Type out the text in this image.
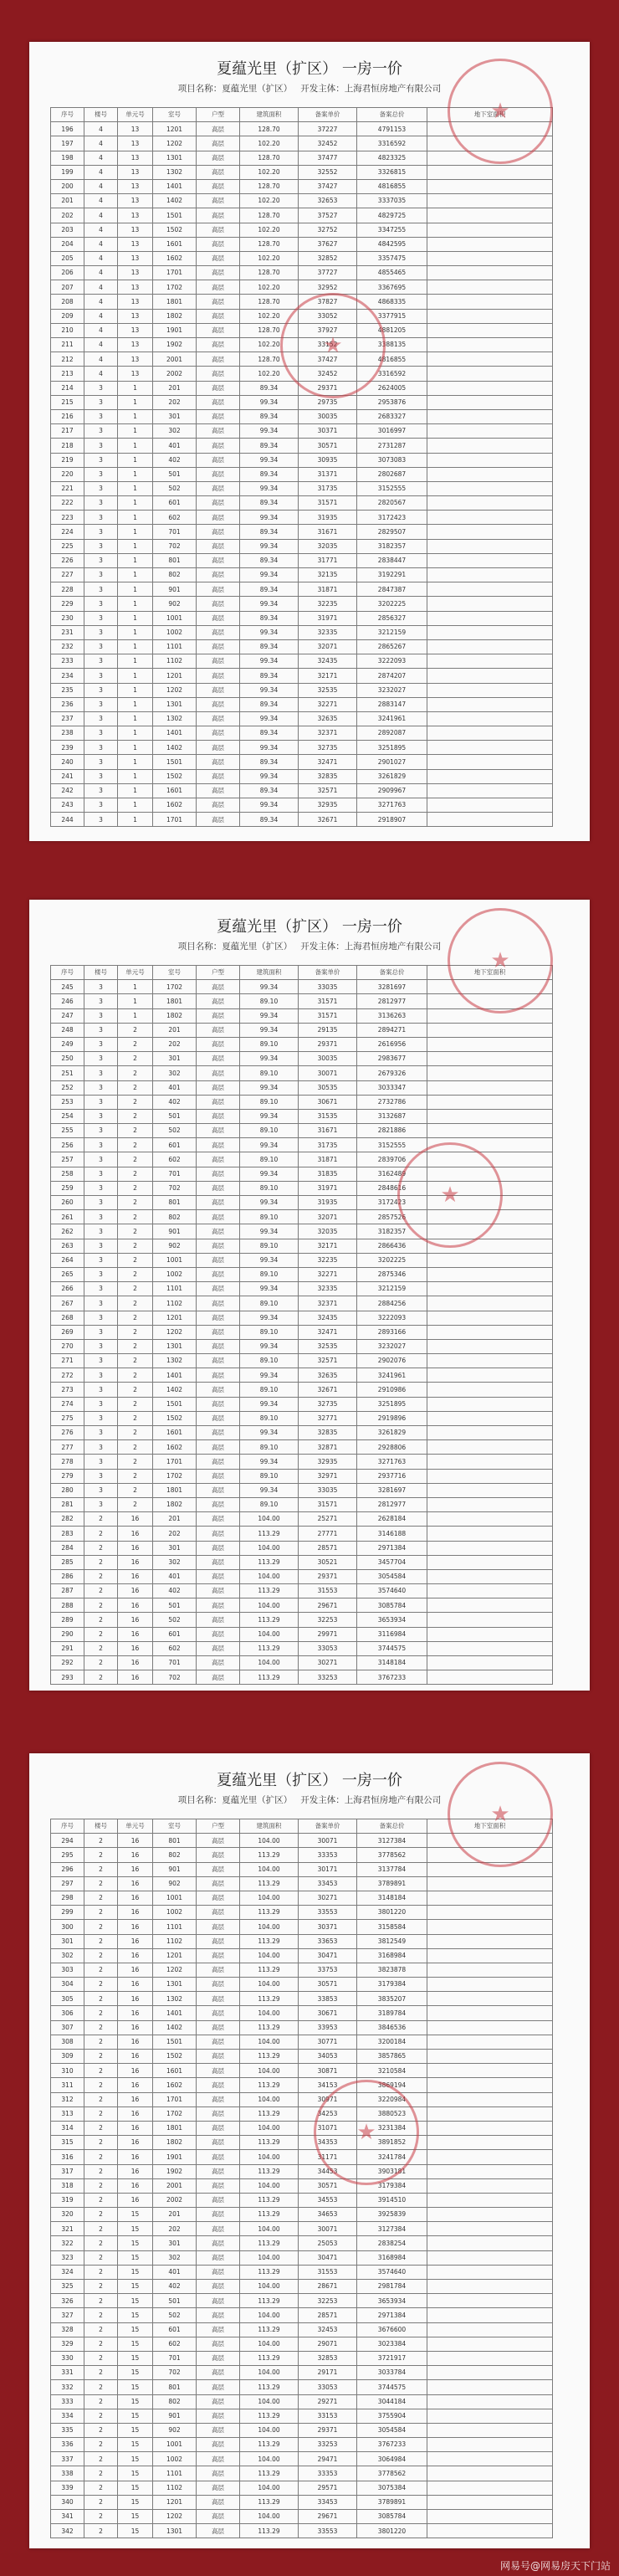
夏蕴光里（扩区） 一房一价
项目名称：夏蕴光里（扩区）   开发主体：上海君恒房地产有限公司
序号	楼号	单元号	室号	户型	建筑面积	备案单价	备案总价	地下室面积
196	4	13	1201	高层	128.70	37227	4791153	
197	4	13	1202	高层	102.20	32452	3316592	
198	4	13	1301	高层	128.70	37477	4823325	
199	4	13	1302	高层	102.20	32552	3326815	
200	4	13	1401	高层	128.70	37427	4816855	
201	4	13	1402	高层	102.20	32653	3337035	
202	4	13	1501	高层	128.70	37527	4829725	
203	4	13	1502	高层	102.20	32752	3347255	
204	4	13	1601	高层	128.70	37627	4842595	
205	4	13	1602	高层	102.20	32852	3357475	
206	4	13	1701	高层	128.70	37727	4855465	
207	4	13	1702	高层	102.20	32952	3367695	
208	4	13	1801	高层	128.70	37827	4868335	
209	4	13	1802	高层	102.20	33052	3377915	
210	4	13	1901	高层	128.70	37927	4881205	
211	4	13	1902	高层	102.20	33152	3388135	
212	4	13	2001	高层	128.70	37427	4816855	
213	4	13	2002	高层	102.20	32452	3316592	
214	3	1	201	高层	89.34	29371	2624005	
215	3	1	202	高层	99.34	29735	2953876	
216	3	1	301	高层	89.34	30035	2683327	
217	3	1	302	高层	99.34	30371	3016997	
218	3	1	401	高层	89.34	30571	2731287	
219	3	1	402	高层	99.34	30935	3073083	
220	3	1	501	高层	89.34	31371	2802687	
221	3	1	502	高层	99.34	31735	3152555	
222	3	1	601	高层	89.34	31571	2820567	
223	3	1	602	高层	99.34	31935	3172423	
224	3	1	701	高层	89.34	31671	2829507	
225	3	1	702	高层	99.34	32035	3182357	
226	3	1	801	高层	89.34	31771	2838447	
227	3	1	802	高层	99.34	32135	3192291	
228	3	1	901	高层	89.34	31871	2847387	
229	3	1	902	高层	99.34	32235	3202225	
230	3	1	1001	高层	89.34	31971	2856327	
231	3	1	1002	高层	99.34	32335	3212159	
232	3	1	1101	高层	89.34	32071	2865267	
233	3	1	1102	高层	99.34	32435	3222093	
234	3	1	1201	高层	89.34	32171	2874207	
235	3	1	1202	高层	99.34	32535	3232027	
236	3	1	1301	高层	89.34	32271	2883147	
237	3	1	1302	高层	99.34	32635	3241961	
238	3	1	1401	高层	89.34	32371	2892087	
239	3	1	1402	高层	99.34	32735	3251895	
240	3	1	1501	高层	89.34	32471	2901027	
241	3	1	1502	高层	99.34	32835	3261829	
242	3	1	1601	高层	89.34	32571	2909967	
243	3	1	1602	高层	99.34	32935	3271763	
244	3	1	1701	高层	89.34	32671	2918907	
★
★
夏蕴光里（扩区） 一房一价
项目名称：夏蕴光里（扩区）   开发主体：上海君恒房地产有限公司
序号	楼号	单元号	室号	户型	建筑面积	备案单价	备案总价	地下室面积
245	3	1	1702	高层	99.34	33035	3281697	
246	3	1	1801	高层	89.10	31571	2812977	
247	3	1	1802	高层	99.34	31571	3136263	
248	3	2	201	高层	99.34	29135	2894271	
249	3	2	202	高层	89.10	29371	2616956	
250	3	2	301	高层	99.34	30035	2983677	
251	3	2	302	高层	89.10	30071	2679326	
252	3	2	401	高层	99.34	30535	3033347	
253	3	2	402	高层	89.10	30671	2732786	
254	3	2	501	高层	99.34	31535	3132687	
255	3	2	502	高层	89.10	31671	2821886	
256	3	2	601	高层	99.34	31735	3152555	
257	3	2	602	高层	89.10	31871	2839706	
258	3	2	701	高层	99.34	31835	3162489	
259	3	2	702	高层	89.10	31971	2848616	
260	3	2	801	高层	99.34	31935	3172423	
261	3	2	802	高层	89.10	32071	2857526	
262	3	2	901	高层	99.34	32035	3182357	
263	3	2	902	高层	89.10	32171	2866436	
264	3	2	1001	高层	99.34	32235	3202225	
265	3	2	1002	高层	89.10	32271	2875346	
266	3	2	1101	高层	99.34	32335	3212159	
267	3	2	1102	高层	89.10	32371	2884256	
268	3	2	1201	高层	99.34	32435	3222093	
269	3	2	1202	高层	89.10	32471	2893166	
270	3	2	1301	高层	99.34	32535	3232027	
271	3	2	1302	高层	89.10	32571	2902076	
272	3	2	1401	高层	99.34	32635	3241961	
273	3	2	1402	高层	89.10	32671	2910986	
274	3	2	1501	高层	99.34	32735	3251895	
275	3	2	1502	高层	89.10	32771	2919896	
276	3	2	1601	高层	99.34	32835	3261829	
277	3	2	1602	高层	89.10	32871	2928806	
278	3	2	1701	高层	99.34	32935	3271763	
279	3	2	1702	高层	89.10	32971	2937716	
280	3	2	1801	高层	99.34	33035	3281697	
281	3	2	1802	高层	89.10	31571	2812977	
282	2	16	201	高层	104.00	25271	2628184	
283	2	16	202	高层	113.29	27771	3146188	
284	2	16	301	高层	104.00	28571	2971384	
285	2	16	302	高层	113.29	30521	3457704	
286	2	16	401	高层	104.00	29371	3054584	
287	2	16	402	高层	113.29	31553	3574640	
288	2	16	501	高层	104.00	29671	3085784	
289	2	16	502	高层	113.29	32253	3653934	
290	2	16	601	高层	104.00	29971	3116984	
291	2	16	602	高层	113.29	33053	3744575	
292	2	16	701	高层	104.00	30271	3148184	
293	2	16	702	高层	113.29	33253	3767233	
★
★
夏蕴光里（扩区） 一房一价
项目名称：夏蕴光里（扩区）   开发主体：上海君恒房地产有限公司
序号	楼号	单元号	室号	户型	建筑面积	备案单价	备案总价	地下室面积
294	2	16	801	高层	104.00	30071	3127384	
295	2	16	802	高层	113.29	33353	3778562	
296	2	16	901	高层	104.00	30171	3137784	
297	2	16	902	高层	113.29	33453	3789891	
298	2	16	1001	高层	104.00	30271	3148184	
299	2	16	1002	高层	113.29	33553	3801220	
300	2	16	1101	高层	104.00	30371	3158584	
301	2	16	1102	高层	113.29	33653	3812549	
302	2	16	1201	高层	104.00	30471	3168984	
303	2	16	1202	高层	113.29	33753	3823878	
304	2	16	1301	高层	104.00	30571	3179384	
305	2	16	1302	高层	113.29	33853	3835207	
306	2	16	1401	高层	104.00	30671	3189784	
307	2	16	1402	高层	113.29	33953	3846536	
308	2	16	1501	高层	104.00	30771	3200184	
309	2	16	1502	高层	113.29	34053	3857865	
310	2	16	1601	高层	104.00	30871	3210584	
311	2	16	1602	高层	113.29	34153	3869194	
312	2	16	1701	高层	104.00	30971	3220984	
313	2	16	1702	高层	113.29	34253	3880523	
314	2	16	1801	高层	104.00	31071	3231384	
315	2	16	1802	高层	113.29	34353	3891852	
316	2	16	1901	高层	104.00	31171	3241784	
317	2	16	1902	高层	113.29	34453	3903181	
318	2	16	2001	高层	104.00	30571	3179384	
319	2	16	2002	高层	113.29	34553	3914510	
320	2	15	201	高层	113.29	34653	3925839	
321	2	15	202	高层	104.00	30071	3127384	
322	2	15	301	高层	113.29	25053	2838254	
323	2	15	302	高层	104.00	30471	3168984	
324	2	15	401	高层	113.29	31553	3574640	
325	2	15	402	高层	104.00	28671	2981784	
326	2	15	501	高层	113.29	32253	3653934	
327	2	15	502	高层	104.00	28571	2971384	
328	2	15	601	高层	113.29	32453	3676600	
329	2	15	602	高层	104.00	29071	3023384	
330	2	15	701	高层	113.29	32853	3721917	
331	2	15	702	高层	104.00	29171	3033784	
332	2	15	801	高层	113.29	33053	3744575	
333	2	15	802	高层	104.00	29271	3044184	
334	2	15	901	高层	113.29	33153	3755904	
335	2	15	902	高层	104.00	29371	3054584	
336	2	15	1001	高层	113.29	33253	3767233	
337	2	15	1002	高层	104.00	29471	3064984	
338	2	15	1101	高层	113.29	33353	3778562	
339	2	15	1102	高层	104.00	29571	3075384	
340	2	15	1201	高层	113.29	33453	3789891	
341	2	15	1202	高层	104.00	29671	3085784	
342	2	15	1301	高层	113.29	33553	3801220	
★
★
网易号@网易房天下门站
